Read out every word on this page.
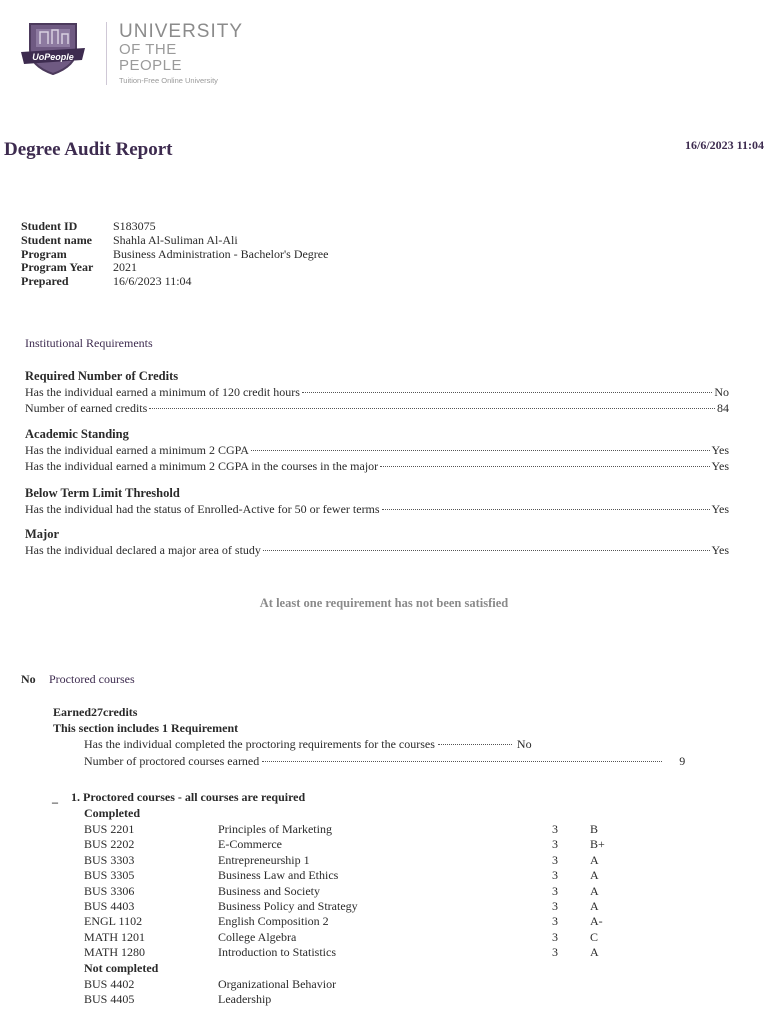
UoPeople
UNIVERSITY
OF THE PEOPLE
Tuition-Free Online University
Degree Audit Report	16/6/2023 11:04
Student ID	S183075
Student name	Shahla Al-Suliman Al-Ali
Program	Business Administration - Bachelor's Degree
Program Year	2021
Prepared	16/6/2023 11:04
Institutional Requirements
Required Number of Credits
Has the individual earned a minimum of 120 credit hours	No
Number of earned credits	84
Academic Standing
Has the individual earned a minimum 2 CGPA	Yes
Has the individual earned a minimum 2 CGPA in the courses in the major	Yes
Below Term Limit Threshold
Has the individual had the status of Enrolled-Active for 50 or fewer terms	Yes
Major
Has the individual declared a major area of study	Yes
At least one requirement has not been satisfied
No Proctored courses
Earned27credits
This section includes 1 Requirement
Has the individual completed the proctoring requirements for the courses	No
Number of proctored courses earned	9
_ 1. Proctored courses - all courses are required
Completed
BUS 2201	Principles of Marketing	3	B
BUS 2202	E-Commerce	3	B+
BUS 3303	Entrepreneurship 1	3	A
BUS 3305	Business Law and Ethics	3	A
BUS 3306	Business and Society	3	A
BUS 4403	Business Policy and Strategy	3	A
ENGL 1102	English Composition 2	3	A-
MATH 1201	College Algebra	3	C
MATH 1280	Introduction to Statistics	3	A
Not completed
BUS 4402	Organizational Behavior
BUS 4405	Leadership
